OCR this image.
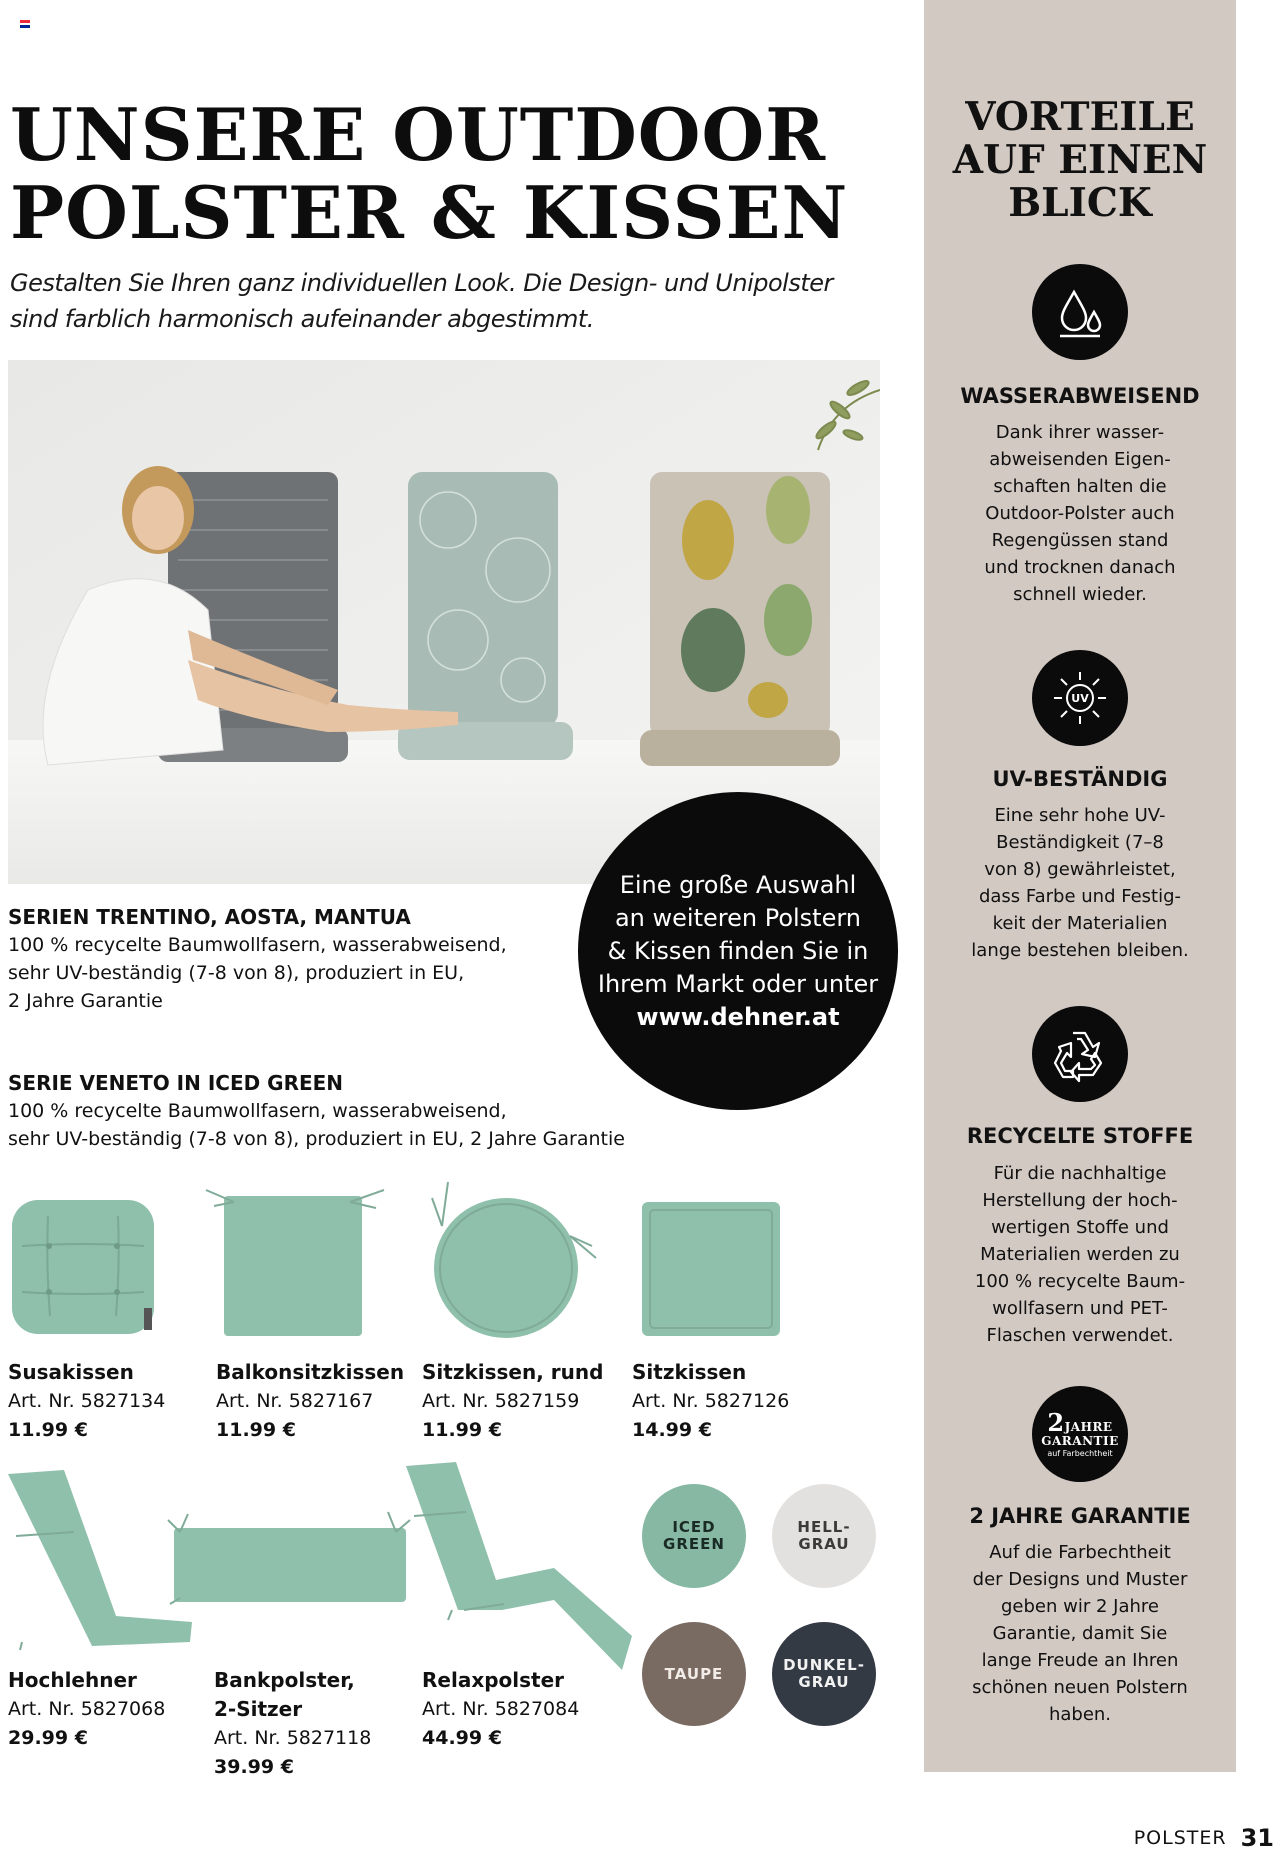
UNSERE OUTDOOR
POLSTER & KISSEN
Gestalten Sie Ihren ganz individuellen Look. Die Design- und Unipolster
sind farblich harmonisch aufeinander abgestimmt.
Eine große Auswahl
an weiteren Polstern
& Kissen finden Sie in
Ihrem Markt oder unter
www.dehner.at
SERIEN TRENTINO, AOSTA, MANTUA
100 % recycelte Baumwollfasern, wasserabweisend,
sehr UV-beständig (7-8 von 8), produziert in EU,
2 Jahre Garantie
SERIE VENETO IN ICED GREEN
100 % recycelte Baumwollfasern, wasserabweisend,
sehr UV-beständig (7-8 von 8), produziert in EU, 2 Jahre Garantie
Susakissen
Art. Nr. 5827134
11.99 €
Balkonsitzkissen
Art. Nr. 5827167
11.99 €
Sitzkissen, rund
Art. Nr. 5827159
11.99 €
Sitzkissen
Art. Nr. 5827126
14.99 €
Hochlehner
Art. Nr. 5827068
29.99 €
Bankpolster,
2-Sitzer
Art. Nr. 5827118
39.99 €
Relaxpolster
Art. Nr. 5827084
44.99 €
ICED
GREEN
HELL-
GRAU
TAUPE	DUNKEL-
GRAU
VORTEILE
AUF EINEN
BLICK
WASSERABWEISEND
Dank ihrer wasser-
abweisenden Eigen-
schaften halten die
Outdoor-Polster auch
Regengüssen stand
und trocknen danach
schnell wieder.
UV
UV-BESTÄNDIG
Eine sehr hohe UV-
Beständigkeit (7–8
von 8) gewährleistet,
dass Farbe und Festig-
keit der Materialien
lange bestehen bleiben.
RECYCELTE STOFFE
Für die nachhaltige
Herstellung der hoch-
wertigen Stoffe und
Materialien werden zu
100 % recycelte Baum-
wollfasern und PET-
Flaschen verwendet.
2JAHRE
GARANTIE
auf Farbechtheit
2 JAHRE GARANTIE
Auf die Farbechtheit
der Designs und Muster
geben wir 2 Jahre
Garantie, damit Sie
lange Freude an Ihren
schönen neuen Polstern
haben.
POLSTER 31
